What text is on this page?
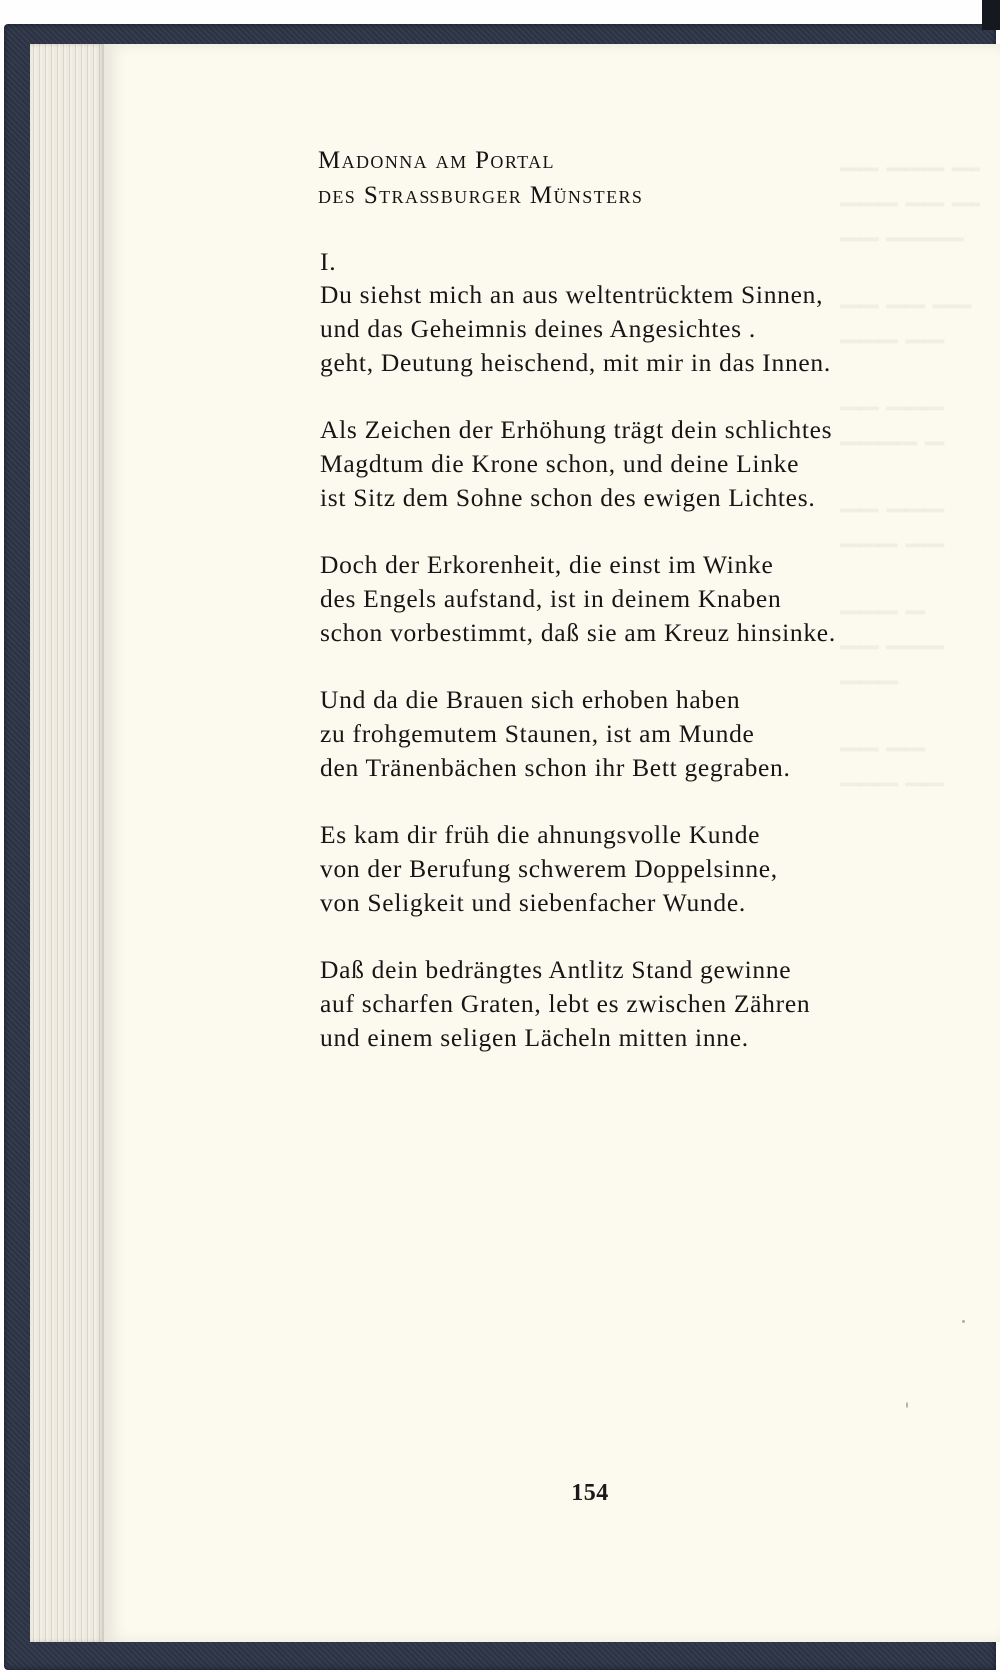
Madonna am Portal
des Straßburger Münsters
I.
Du siehst mich an aus weltentrücktem Sinnen,
und das Geheimnis deines Angesichtes .
geht, Deutung heischend, mit mir in das Innen.
Als Zeichen der Erhöhung trägt dein schlichtes
Magdtum die Krone schon, und deine Linke
ist Sitz dem Sohne schon des ewigen Lichtes.
Doch der Erkorenheit, die einst im Winke
des Engels aufstand, ist in deinem Knaben
schon vorbestimmt, daß sie am Kreuz hinsinke.
Und da die Brauen sich erhoben haben
zu frohgemutem Staunen, ist am Munde
den Tränenbächen schon ihr Bett gegraben.
Es kam dir früh die ahnungsvolle Kunde
von der Berufung schwerem Doppelsinne,
von Seligkeit und siebenfacher Wunde.
Daß dein bedrängtes Antlitz Stand gewinne
auf scharfen Graten, lebt es zwischen Zähren
und einem seligen Lächeln mitten inne.
154
